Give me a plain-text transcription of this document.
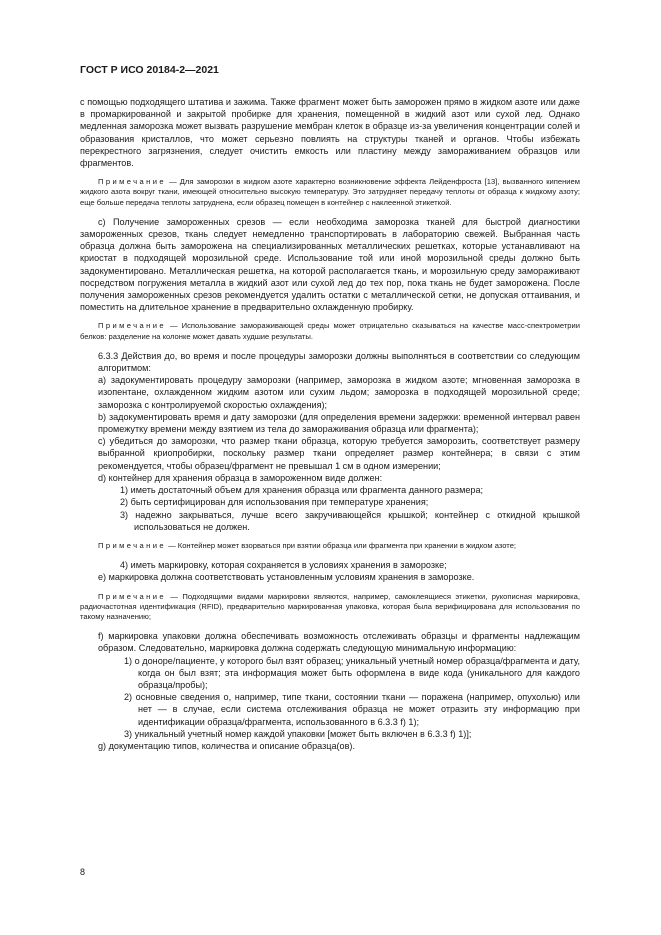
ГОСТ Р ИСО 20184-2—2021

с помощью подходящего штатива и зажима. Также фрагмент может быть заморожен прямо в жидком азоте или даже в промаркированной и закрытой пробирке для хранения, помещенной в жидкий азот или сухой лед. Однако медленная заморозка может вызвать разрушение мембран клеток в образце из-за увеличения концентрации солей и образования кристаллов, что может серьезно повлиять на структуры тканей и органов. Чтобы избежать перекрестного загрязнения, следует очистить емкость или пластину между замораживанием образцов или фрагментов.

Примечание — Для заморозки в жидком азоте характерно возникновение эффекта Лейденфроста [13], вызванного кипением жидкого азота вокруг ткани, имеющей относительно высокую температуру. Это затрудняет передачу теплоты от образца к жидкому азоту; еще больше передача теплоты затруднена, если образец помещен в контейнер с наклеенной этикеткой.

c) Получение замороженных срезов — если необходима заморозка тканей для быстрой диагностики замороженных срезов, ткань следует немедленно транспортировать в лабораторию свежей. Выбранная часть образца должна быть заморожена на специализированных металлических решетках, которые устанавливают на криостат в подходящей морозильной среде. Использование той или иной морозильной среды должно быть задокументировано. Металлическая решетка, на которой располагается ткань, и морозильную среду замораживают посредством погружения металла в жидкий азот или сухой лед до тех пор, пока ткань не будет заморожена. После получения замороженных срезов рекомендуется удалить остатки с металлической сетки, не допуская оттаивания, и поместить на длительное хранение в предварительно охлажденную пробирку.

Примечание — Использование замораживающей среды может отрицательно сказываться на качестве масс-спектрометрии белков: разделение на колонке может давать худшие результаты.

6.3.3 Действия до, во время и после процедуры заморозки должны выполняться в соответствии со следующим алгоритмом:

a) задокументировать процедуру заморозки (например, заморозка в жидком азоте; мгновенная заморозка в изопентане, охлажденном жидким азотом или сухим льдом; заморозка в подходящей морозильной среде; заморозка с контролируемой скоростью охлаждения);

b) задокументировать время и дату заморозки (для определения времени задержки: временной интервал равен промежутку времени между взятием из тела до замораживания образца или фрагмента);

c) убедиться до заморозки, что размер ткани образца, которую требуется заморозить, соответствует размеру выбранной криопробирки, поскольку размер ткани определяет размер контейнера; в связи с этим рекомендуется, чтобы образец/фрагмент не превышал 1 см в одном измерении;

d) контейнер для хранения образца в замороженном виде должен:

1) иметь достаточный объем для хранения образца или фрагмента данного размера;

2) быть сертифицирован для использования при температуре хранения;

3) надежно закрываться, лучше всего закручивающейся крышкой; контейнер с откидной крышкой использоваться не должен.

Примечание — Контейнер может взорваться при взятии образца или фрагмента при хранении в жидком азоте;

4) иметь маркировку, которая сохраняется в условиях хранения в заморозке;

e) маркировка должна соответствовать установленным условиям хранения в заморозке.

Примечание — Подходящими видами маркировки являются, например, самоклеящиеся этикетки, рукописная маркировка, радиочастотная идентификация (RFID), предварительно маркированная упаковка, которая была верифицирована для использования по такому назначению;

f) маркировка упаковки должна обеспечивать возможность отслеживать образцы и фрагменты надлежащим образом. Следовательно, маркировка должна содержать следующую минимальную информацию:

1) о доноре/пациенте, у которого был взят образец; уникальный учетный номер образца/фрагмента и дату, когда он был взят; эта информация может быть оформлена в виде кода (уникального для каждого образца/пробы);

2) основные сведения о, например, типе ткани, состоянии ткани — поражена (например, опухолью) или нет — в случае, если система отслеживания образца не может отразить эту информацию при идентификации образца/фрагмента, использованного в 6.3.3 f) 1);

3) уникальный учетный номер каждой упаковки [может быть включен в 6.3.3 f) 1)];

g) документацию типов, количества и описание образца(ов).

8
